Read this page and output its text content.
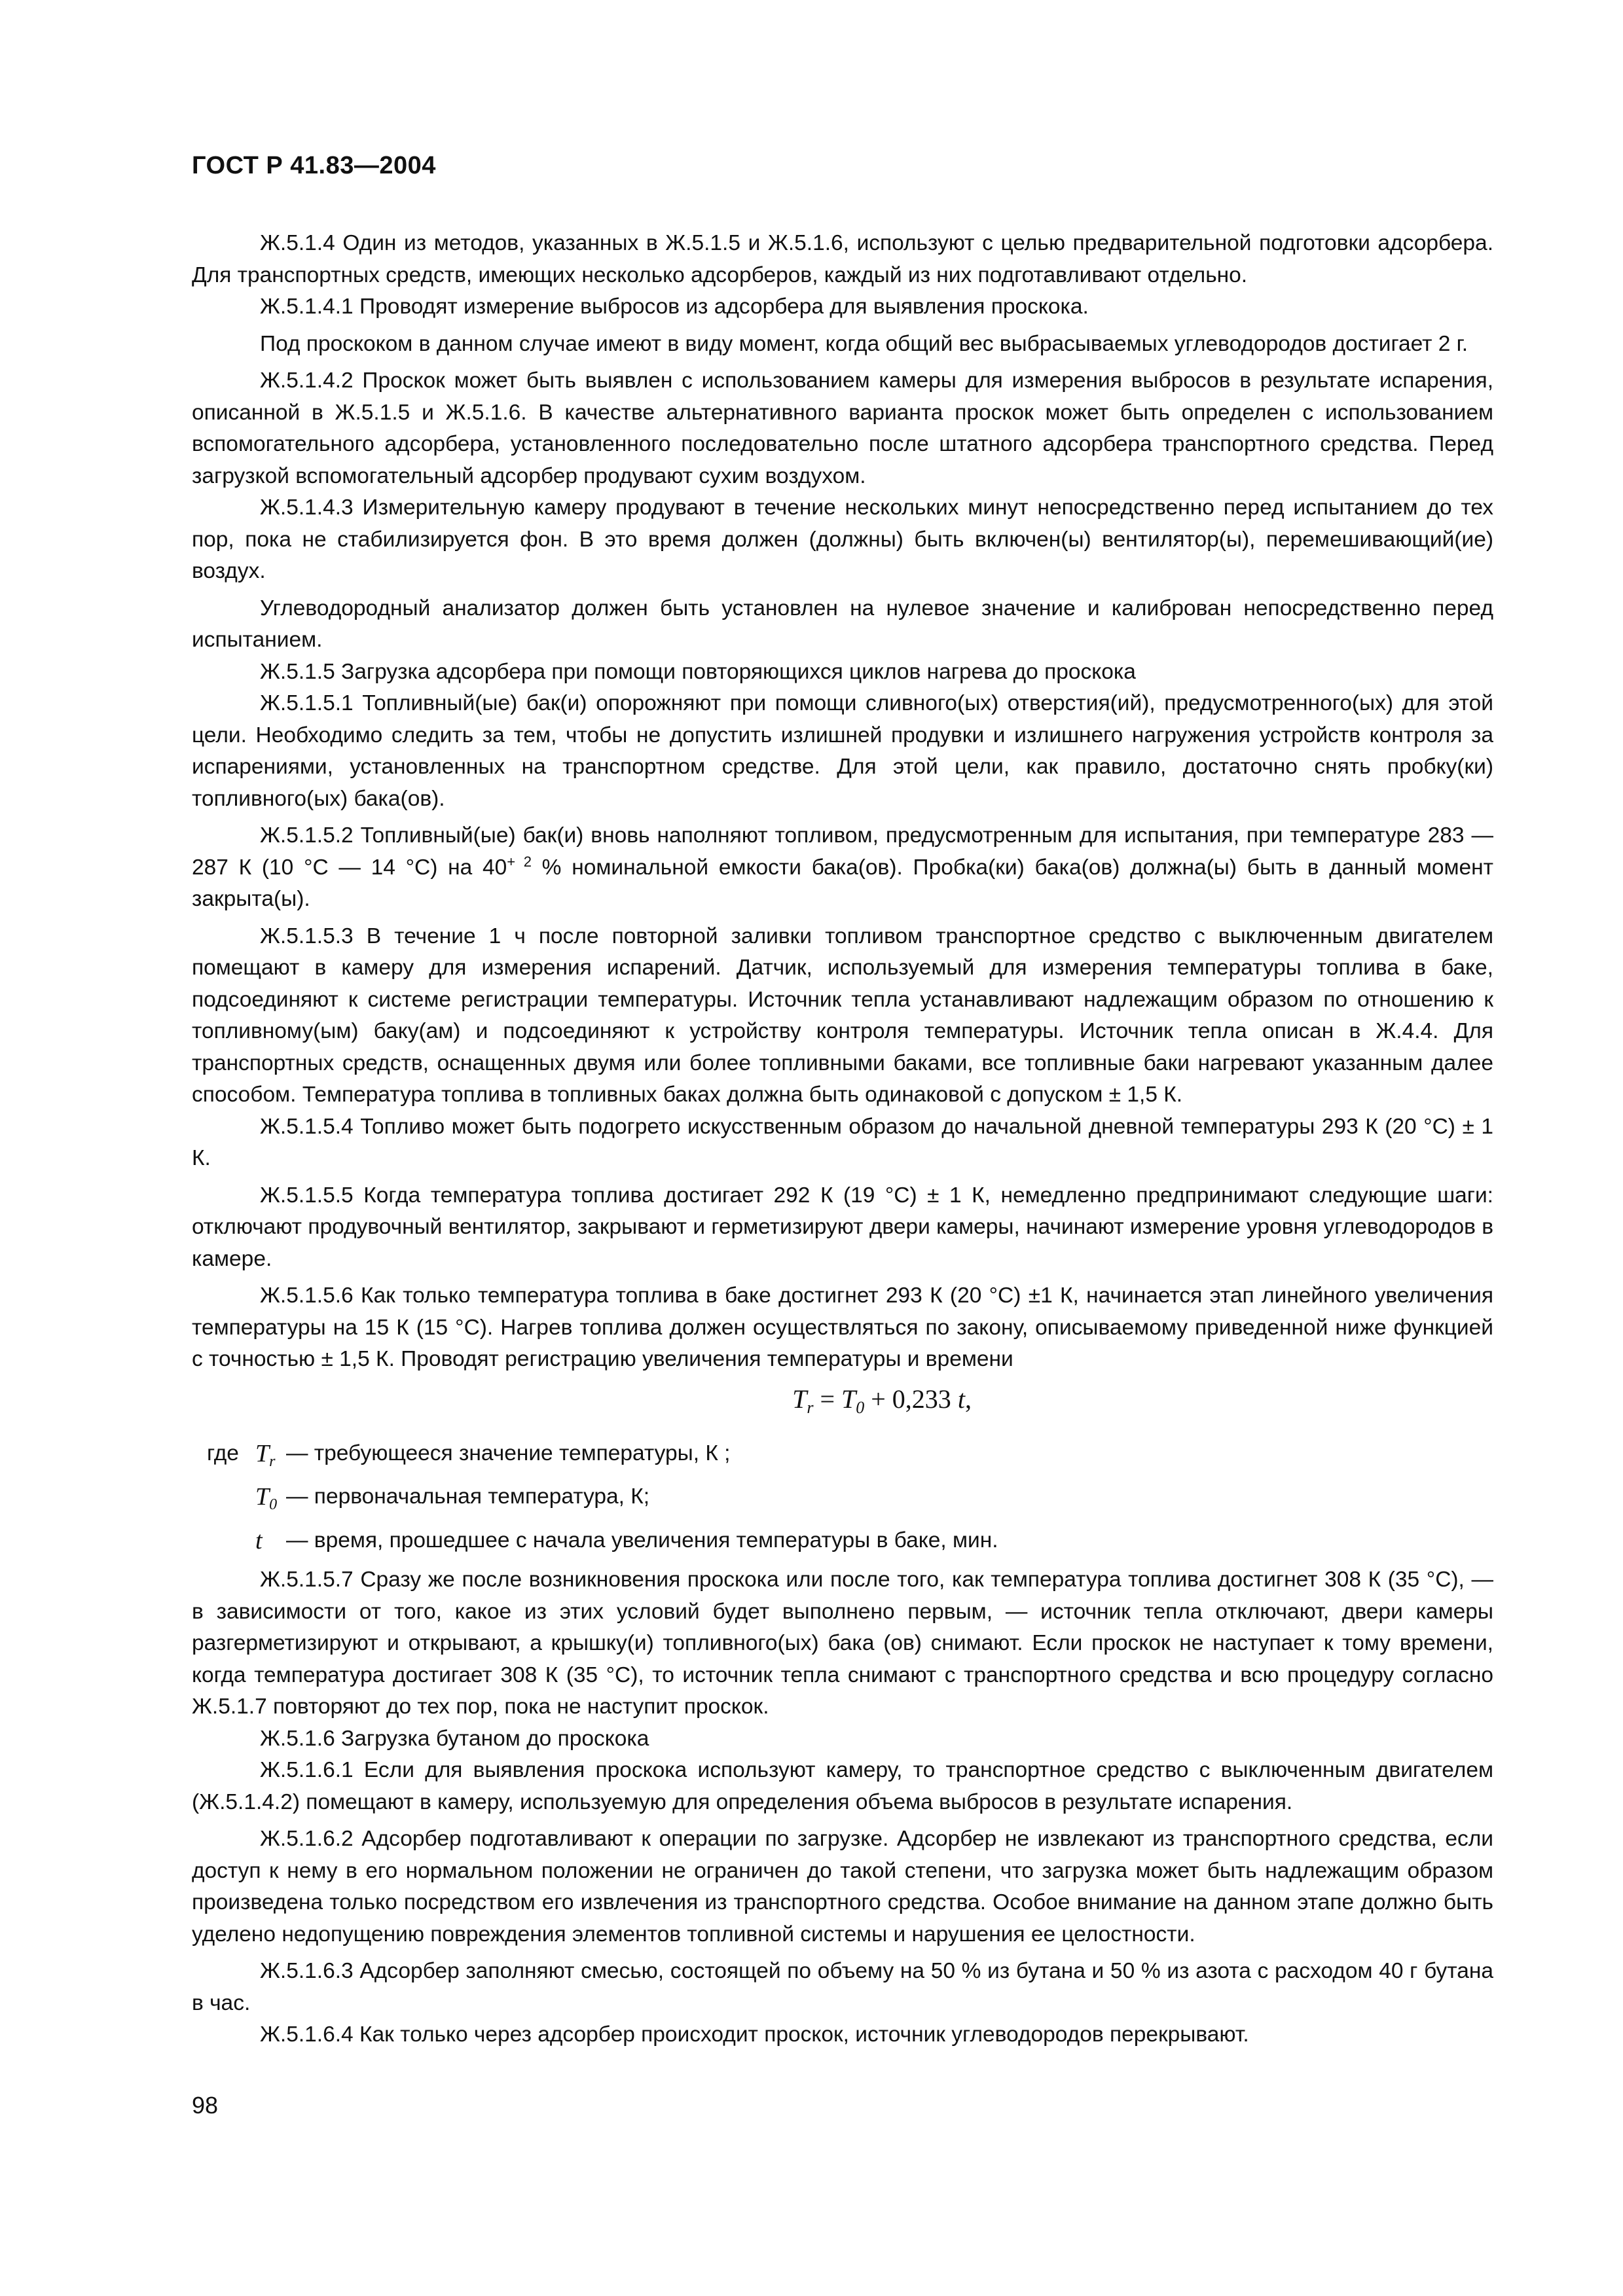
ГОСТ Р 41.83—2004

Ж.5.1.4 Один из методов, указанных в Ж.5.1.5 и Ж.5.1.6, используют с целью предварительной подготовки адсорбера. Для транспортных средств, имеющих несколько адсорберов, каждый из них подготавливают отдельно.

Ж.5.1.4.1 Проводят измерение выбросов из адсорбера для выявления проскока.

Под проскоком в данном случае имеют в виду момент, когда общий вес выбрасываемых углеводородов достигает 2 г.

Ж.5.1.4.2 Проскок может быть выявлен с использованием камеры для измерения выбросов в результате испарения, описанной в Ж.5.1.5 и Ж.5.1.6. В качестве альтернативного варианта проскок может быть определен с использованием вспомогательного адсорбера, установленного последовательно после штатного адсорбера транспортного средства. Перед загрузкой вспомогательный адсорбер продувают сухим воздухом.

Ж.5.1.4.3 Измерительную камеру продувают в течение нескольких минут непосредственно перед испытанием до тех пор, пока не стабилизируется фон. В это время должен (должны) быть включен(ы) вентилятор(ы), перемешивающий(ие) воздух.

Углеводородный анализатор должен быть установлен на нулевое значение и калиброван непосредственно перед испытанием.

Ж.5.1.5 Загрузка адсорбера при помощи повторяющихся циклов нагрева до проскока

Ж.5.1.5.1 Топливный(ые) бак(и) опорожняют при помощи сливного(ых) отверстия(ий), предусмотренного(ых) для этой цели. Необходимо следить за тем, чтобы не допустить излишней продувки и излишнего нагружения устройств контроля за испарениями, установленных на транспортном средстве. Для этой цели, как правило, достаточно снять пробку(ки) топливного(ых) бака(ов).

Ж.5.1.5.2 Топливный(ые) бак(и) вновь наполняют топливом, предусмотренным для испытания, при температуре 283 — 287 К (10 °С — 14 °С) на $40^{+ 2}$ % номинальной емкости бака(ов). Пробка(ки) бака(ов) должна(ы) быть в данный момент закрыта(ы).

Ж.5.1.5.3 В течение 1 ч после повторной заливки топливом транспортное средство с выключенным двигателем помещают в камеру для измерения испарений. Датчик, используемый для измерения температуры топлива в баке, подсоединяют к системе регистрации температуры. Источник тепла устанавливают надлежащим образом по отношению к топливному(ым) баку(ам) и подсоединяют к устройству контроля температуры. Источник тепла описан в Ж.4.4. Для транспортных средств, оснащенных двумя или более топливными баками, все топливные баки нагревают указанным далее способом. Температура топлива в топливных баках должна быть одинаковой с допуском ± 1,5 К.

Ж.5.1.5.4 Топливо может быть подогрето искусственным образом до начальной дневной температуры 293 К (20 °С) ± 1 К.

Ж.5.1.5.5 Когда температура топлива достигает 292 К (19 °С) ± 1 К, немедленно предпринимают следующие шаги: отключают продувочный вентилятор, закрывают и герметизируют двери камеры, начинают измерение уровня углеводородов в камере.

Ж.5.1.5.6 Как только температура топлива в баке достигнет 293 К (20 °С) ±1 К, начинается этап линейного увеличения температуры на 15 К (15 °С). Нагрев топлива должен осуществляться по закону, описываемому приведенной ниже функцией с точностью ± 1,5 К. Проводят регистрацию увеличения температуры и времени

$T_r = T_0 + 0,233$ t,
где $T_r$ — требующееся значение температуры, К ;
$T_0$ — первоначальная температура, К;
t	— время, прошедшее с начала увеличения температуры в баке, мин.

Ж.5.1.5.7 Сразу же после возникновения проскока или после того, как температура топлива достигнет 308 К (35 °С), — в зависимости от того, какое из этих условий будет выполнено первым, — источник тепла отключают, двери камеры разгерметизируют и открывают, а крышку(и) топливного(ых) бака (ов) снимают. Если проскок не наступает к тому времени, когда температура достигает 308 К (35 °С), то источник тепла снимают с транспортного средства и всю процедуру согласно Ж.5.1.7 повторяют до тех пор, пока не наступит проскок.

Ж.5.1.6 Загрузка бутаном до проскока

Ж.5.1.6.1 Если для выявления проскока используют камеру, то транспортное средство с выключенным двигателем (Ж.5.1.4.2) помещают в камеру, используемую для определения объема выбросов в результате испарения.

Ж.5.1.6.2 Адсорбер подготавливают к операции по загрузке. Адсорбер не извлекают из транспортного средства, если доступ к нему в его нормальном положении не ограничен до такой степени, что загрузка может быть надлежащим образом произведена только посредством его извлечения из транспортного средства. Особое внимание на данном этапе должно быть уделено недопущению повреждения элементов топливной системы и нарушения ее целостности.

Ж.5.1.6.3 Адсорбер заполняют смесью, состоящей по объему на 50 % из бутана и 50 % из азота с расходом 40 г бутана в час.

Ж.5.1.6.4 Как только через адсорбер происходит проскок, источник углеводородов перекрывают.

98
